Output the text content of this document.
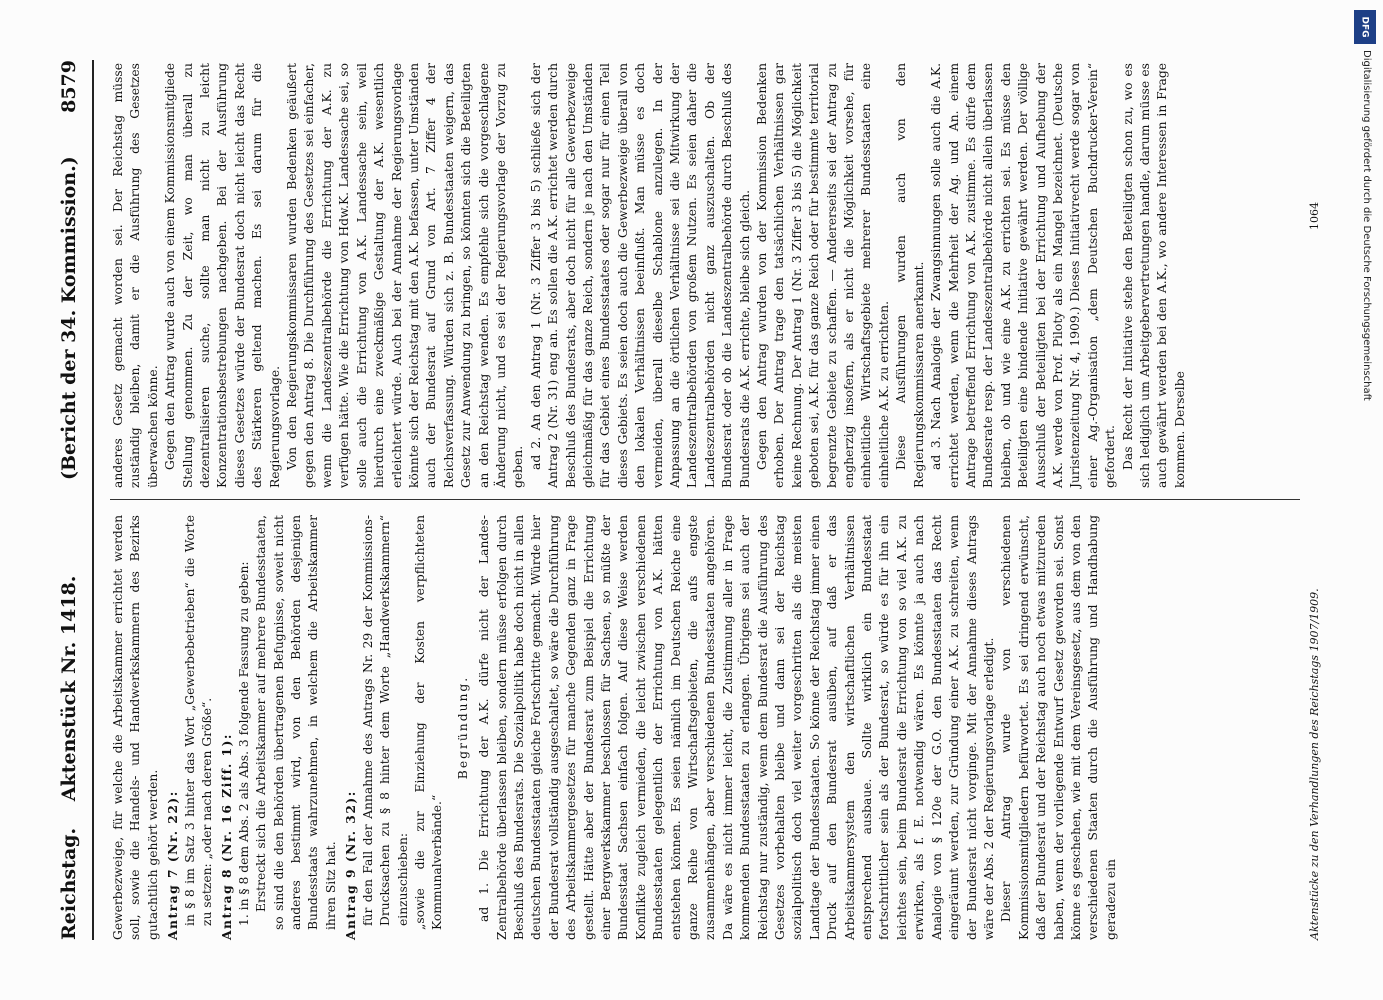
Reichstag. Aktenstück Nr. 1418.
(Bericht der 34. Kommission.)
8579

Gewerbezweige, für welche die Arbeitskammer errichtet werden soll, sowie die Handels- und Handwerkskammern des Bezirks gutachtlich gehört werden. Antrag 7 (Nr. 22): in § 8 im Satz 3 hinter das Wort „Gewerbebetrieben“ die Worte zu setzen: „oder nach deren Größe“. Antrag 8 (Nr. 16 Ziff. 1): 1. in § 8 dem Abs. 2 als Abs. 3 folgende Fassung zu geben: Erstreckt sich die Arbeitskammer auf mehrere Bundesstaaten, so sind die den Behörden übertragenen Befugnisse, soweit nicht anderes bestimmt wird, von den Behörden desjenigen Bundesstaats wahrzunehmen, in welchem die Arbeitskammer ihren Sitz hat. Antrag 9 (Nr. 32): für den Fall der Annahme des Antrags Nr. 29 der Kommissions-Drucksachen zu § 8 hinter dem Worte „Handwerkskammern“ einzuschieben: „sowie die zur Einziehung der Kosten verpflichteten Kommunalverbände.“

Begründung. ad 1. Die Errichtung der A.K. dürfe nicht der Landes-Zentralbehörde überlassen bleiben, sondern müsse erfolgen durch Beschluß des Bundesrats. Die Sozialpolitik habe doch nicht in allen deutschen Bundesstaaten gleiche Fortschritte gemacht. Würde hier der Bundesrat vollständig ausgeschaltet, so wäre die Durchführung des Arbeitskammergesetzes für manche Gegenden ganz in Frage gestellt. Hätte aber der Bundesrat zum Beispiel die Errichtung einer Bergwerkskammer beschlossen für Sachsen, so müßte der Bundesstaat Sachsen einfach folgen. Auf diese Weise werden Konflikte zugleich vermieden, die leicht zwischen verschiedenen Bundesstaaten gelegentlich der Errichtung von A.K. hätten entstehen können. Es seien nämlich im Deutschen Reiche eine ganze Reihe von Wirtschaftsgebieten, die aufs engste zusammenhängen, aber verschiedenen Bundesstaaten angehören. Da wäre es nicht immer leicht, die Zustimmung aller in Frage kommenden Bundesstaaten zu erlangen. Übrigens sei auch der Reichstag nur zuständig, wenn dem Bundesrat die Ausführung des Gesetzes vorbehalten bleibe und dann sei der Reichstag sozialpolitisch doch viel weiter vorgeschritten als die meisten Landtage der Bundesstaaten. So könne der Reichstag immer einen Druck auf den Bundesrat ausüben, auf daß er das Arbeitskammersystem den wirtschaftlichen Verhältnissen entsprechend ausbaue. Sollte wirklich ein Bundesstaat fortschrittlicher sein als der Bundesrat, so würde es für ihn ein leichtes sein, beim Bundesrat die Errichtung von so viel A.K. zu erwirken, als f. E. notwendig wären. Es könnte ja auch nach Analogie von § 120e der G.O. den Bundesstaaten das Recht eingeräumt werden, zur Gründung einer A.K. zu schreiten, wenn der Bundesrat nicht vorginge. Mit der Annahme dieses Antrags wäre der Abs. 2 der Regierungsvorlage erledigt. Dieser Antrag wurde von verschiedenen Kommissionsmitgliedern befürwortet. Es sei dringend erwünscht, daß der Bundesrat und der Reichstag auch noch etwas mitzureden haben, wenn der vorliegende Entwurf Gesetz geworden sei. Sonst könne es geschehen, wie mit dem Vereinsgesetz, aus dem von den verschiedenen Staaten durch die Ausführung und Handhabung geradezu ein

anderes Gesetz gemacht worden sei. Der Reichstag müsse zuständig bleiben, damit er die Ausführung des Gesetzes überwachen könne. Gegen den Antrag wurde auch von einem Kommissionsmitgliede Stellung genommen. Zu der Zeit, wo man überall zu dezentralisieren suche, sollte man nicht zu leicht Konzentrationsbestrebungen nachgeben. Bei der Ausführung dieses Gesetzes würde der Bundesrat doch nicht leicht das Recht des Stärkeren geltend machen. Es sei darum für die Regierungsvorlage. Von den Regierungskommissaren wurden Bedenken geäußert gegen den Antrag 8. Die Durchführung des Gesetzes sei einfacher, wenn die Landeszentralbehörde die Errichtung der A.K. zu verfügen hätte. Wie die Errichtung von Hdw.K. Landessache sei, so solle auch die Errichtung von A.K. Landessache sein, weil hierdurch eine zweckmäßige Gestaltung der A.K. wesentlich erleichtert würde. Auch bei der Annahme der Regierungsvorlage könnte sich der Reichstag mit den A.K. befassen, unter Umständen auch der Bundesrat auf Grund von Art. 7 Ziffer 4 der Reichsverfassung. Würden sich z. B. Bundesstaaten weigern, das Gesetz zur Anwendung zu bringen, so könnten sich die Beteiligten an den Reichstag wenden. Es empfehle sich die vorgeschlagene Änderung nicht, und es sei der Regierungsvorlage der Vorzug zu geben. ad 2. An den Antrag 1 (Nr. 3 Ziffer 3 bis 5) schließe sich der Antrag 2 (Nr. 31) eng an. Es sollen die A.K. errichtet werden durch Beschluß des Bundesrats, aber doch nicht für alle Gewerbezweige gleichmäßig für das ganze Reich, sondern je nach den Umständen für das Gebiet eines Bundesstaates oder sogar nur für einen Teil dieses Gebiets. Es seien doch auch die Gewerbezweige überall von den lokalen Verhältnissen beeinflußt. Man müsse es doch vermeiden, überall dieselbe Schablone anzulegen. In der Anpassung an die örtlichen Verhältnisse sei die Mitwirkung der Landeszentralbehörden von großem Nutzen. Es seien daher die Landeszentralbehörden nicht ganz auszuschalten. Ob der Bundesrat oder ob die Landeszentralbehörde durch Beschluß des Bundesrats die A.K. errichte, bleibe sich gleich. Gegen den Antrag wurden von der Kommission Bedenken erhoben. Der Antrag trage den tatsächlichen Verhältnissen gar keine Rechnung. Der Antrag 1 (Nr. 3 Ziffer 3 bis 5) die Möglichkeit geboten sei, A.K. für das ganze Reich oder für bestimmte territorial begrenzte Gebiete zu schaffen. — Andererseits sei der Antrag zu engherzig insofern, als er nicht die Möglichkeit vorsehe, für einheitliche Wirtschaftsgebiete mehrerer Bundesstaaten eine einheitliche A.K. zu errichten. Diese Ausführungen wurden auch von den Regierungskommissaren anerkannt. ad 3. Nach Analogie der Zwangsinnungen solle auch die A.K. errichtet werden, wenn die Mehrheit der Ag. und An. einem Antrage betreffend Errichtung von A.K. zustimme. Es dürfe dem Bundesrate resp. der Landeszentralbehörde nicht allein überlassen bleiben, ob und wie eine A.K. zu errichten sei. Es müsse den Beteiligten eine bindende Initiative gewährt werden. Der völlige Ausschluß der Beteiligten bei der Errichtung und Aufhebung der A.K. werde von Prof. Piloty als ein Mangel bezeichnet. (Deutsche Juristenzeitung Nr. 4, 1909.) Dieses Initiativrecht werde sogar von einer Ag.-Organisation „dem Deutschen Buchdrucker-Verein“ gefordert. Das Recht der Initiative stehe den Beteiligten schon zu, wo es sich lediglich um Arbeitgebervertretungen handle, darum müsse es auch gewährt werden bei den A.K., wo andere Interessen in Frage kommen. Derselbe

Aktenstücke zu den Verhandlungen des Reichstags 1907/1909.
1064
DFG
Digitalisierung gefördert durch die Deutsche Forschungsgemeinschaft
